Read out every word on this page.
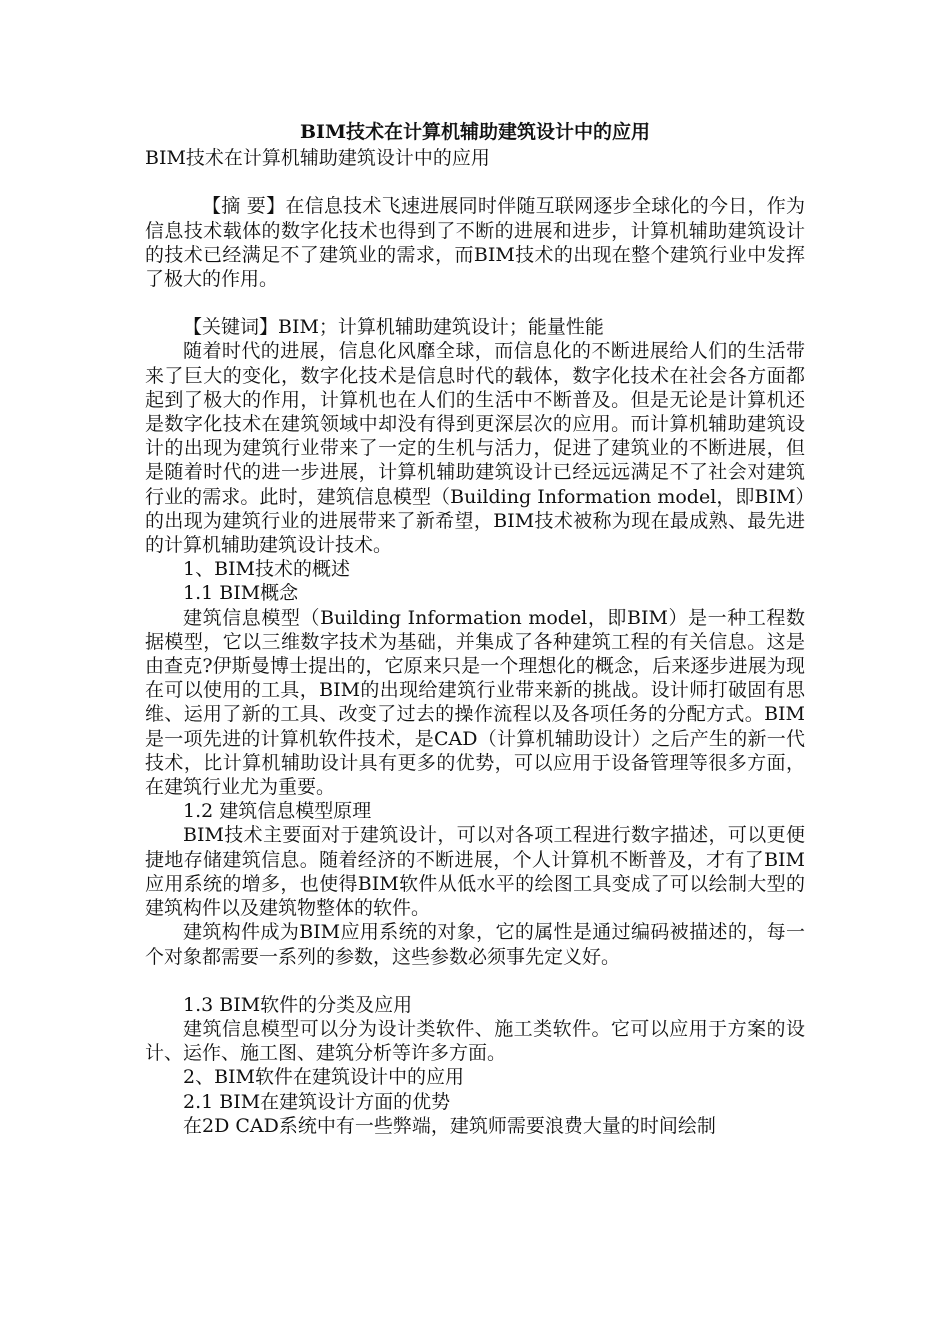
BIM技术在计算机辅助建筑设计中的应用

BIM技术在计算机辅助建筑设计中的应用

【摘 要】在信息技术飞速进展同时伴随互联网逐步全球化的今日，作为信息技术载体的数字化技术也得到了不断的进展和进步，计算机辅助建筑设计的技术已经满足不了建筑业的需求，而BIM技术的出现在整个建筑行业中发挥了极大的作用。

【关键词】BIM；计算机辅助建筑设计；能量性能

随着时代的进展，信息化风靡全球，而信息化的不断进展给人们的生活带来了巨大的变化，数字化技术是信息时代的载体，数字化技术在社会各方面都起到了极大的作用，计算机也在人们的生活中不断普及。但是无论是计算机还是数字化技术在建筑领域中却没有得到更深层次的应用。而计算机辅助建筑设计的出现为建筑行业带来了一定的生机与活力，促进了建筑业的不断进展，但是随着时代的进一步进展，计算机辅助建筑设计已经远远满足不了社会对建筑行业的需求。此时，建筑信息模型（Building Information model，即BIM）的出现为建筑行业的进展带来了新希望，BIM技术被称为现在最成熟、最先进的计算机辅助建筑设计技术。

1、BIM技术的概述

1.1 BIM概念

建筑信息模型（Building Information model，即BIM）是一种工程数据模型，它以三维数字技术为基础，并集成了各种建筑工程的有关信息。这是由查克?伊斯曼博士提出的，它原来只是一个理想化的概念，后来逐步进展为现在可以使用的工具，BIM的出现给建筑行业带来新的挑战。设计师打破固有思维、运用了新的工具、改变了过去的操作流程以及各项任务的分配方式。BIM是一项先进的计算机软件技术，是CAD（计算机辅助设计）之后产生的新一代技术，比计算机辅助设计具有更多的优势，可以应用于设备管理等很多方面，在建筑行业尤为重要。

1.2 建筑信息模型原理

BIM技术主要面对于建筑设计，可以对各项工程进行数字描述，可以更便捷地存储建筑信息。随着经济的不断进展，个人计算机不断普及，才有了BIM应用系统的增多，也使得BIM软件从低水平的绘图工具变成了可以绘制大型的建筑构件以及建筑物整体的软件。

建筑构件成为BIM应用系统的对象，它的属性是通过编码被描述的，每一个对象都需要一系列的参数，这些参数必须事先定义好。

1.3 BIM软件的分类及应用

建筑信息模型可以分为设计类软件、施工类软件。它可以应用于方案的设计、运作、施工图、建筑分析等许多方面。

2、BIM软件在建筑设计中的应用

2.1 BIM在建筑设计方面的优势

在2D CAD系统中有一些弊端，建筑师需要浪费大量的时间绘制
